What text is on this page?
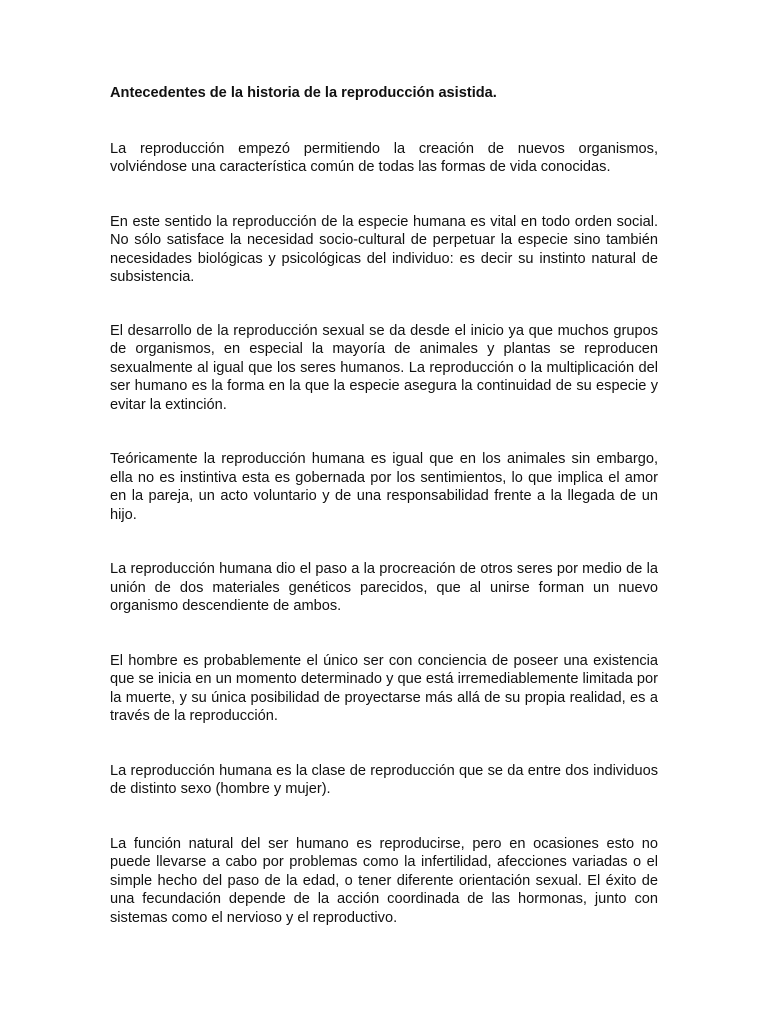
Antecedentes de la historia de la reproducción asistida.

La reproducción empezó permitiendo la creación de nuevos organismos, volviéndose una característica común de todas las formas de vida conocidas.

En este sentido la reproducción de la especie humana es vital en todo orden social. No sólo satisface la necesidad socio-cultural de perpetuar la especie sino también necesidades biológicas y psicológicas del individuo: es decir su instinto natural de subsistencia.

El desarrollo de la reproducción sexual se da desde el inicio ya que muchos grupos de organismos, en especial la mayoría de animales y plantas se reproducen sexualmente al igual que los seres humanos. La reproducción o la multiplicación del ser humano es la forma en la que la especie asegura la continuidad de su especie y evitar la extinción.

Teóricamente la reproducción humana es igual que en los animales sin embargo, ella no es instintiva esta es gobernada por los sentimientos, lo que implica el amor en la pareja, un acto voluntario y de una responsabilidad frente a la llegada de un hijo.

La reproducción humana dio el paso a la procreación de otros seres por medio de la unión de dos materiales genéticos parecidos, que al unirse forman un nuevo organismo descendiente de ambos.

El hombre es probablemente el único ser con conciencia de poseer una existencia que se inicia en un momento determinado y que está irremediablemente limitada por la muerte, y su única posibilidad de proyectarse más allá de su propia realidad, es a través de la reproducción.

La reproducción humana es la clase de reproducción que se da entre dos individuos de distinto sexo (hombre y mujer).

La función natural del ser humano es reproducirse, pero en ocasiones esto no puede llevarse a cabo por problemas como la infertilidad, afecciones variadas o el simple hecho del paso de la edad, o tener diferente orientación sexual. El éxito de una fecundación depende de la acción coordinada de las hormonas, junto con sistemas como el nervioso y el reproductivo.
